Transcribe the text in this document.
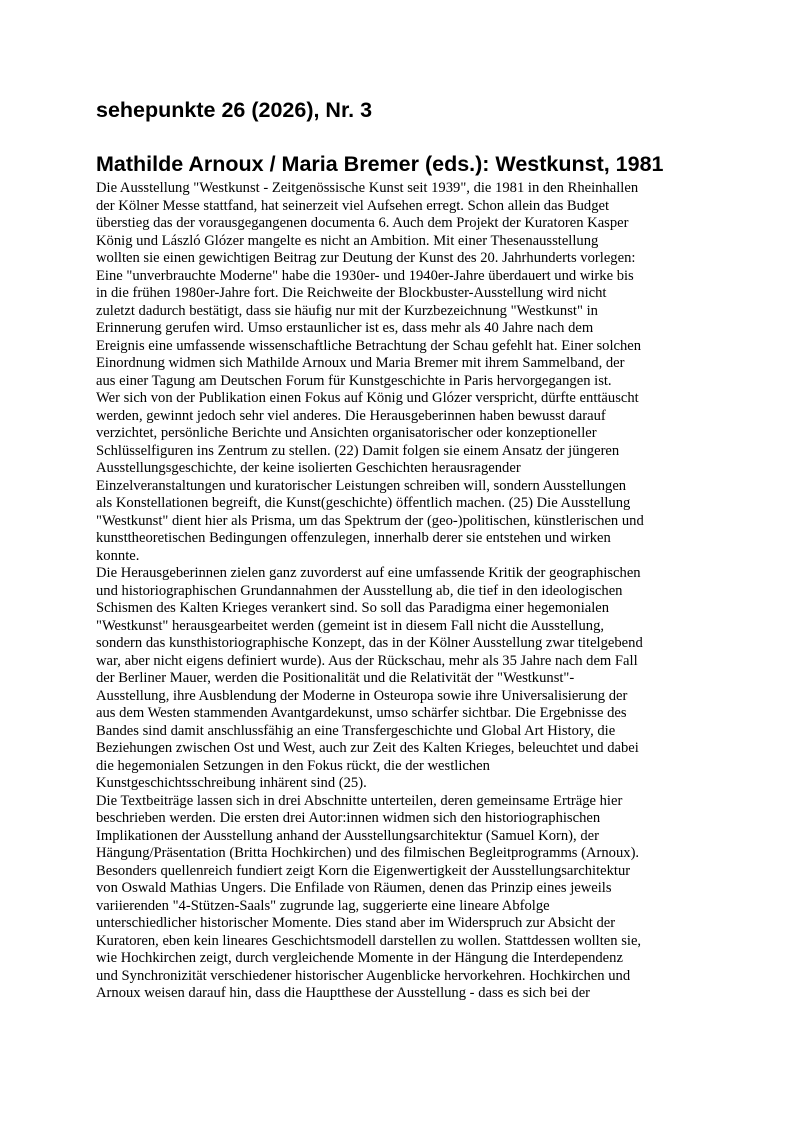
sehepunkte 26 (2026), Nr. 3
Mathilde Arnoux / Maria Bremer (eds.): Westkunst, 1981
Die Ausstellung "Westkunst - Zeitgenössische Kunst seit 1939", die 1981 in den Rheinhallen
der Kölner Messe stattfand, hat seinerzeit viel Aufsehen erregt. Schon allein das Budget
überstieg das der vorausgegangenen documenta 6. Auch dem Projekt der Kuratoren Kasper
König und László Glózer mangelte es nicht an Ambition. Mit einer Thesenausstellung
wollten sie einen gewichtigen Beitrag zur Deutung der Kunst des 20. Jahrhunderts vorlegen:
Eine "unverbrauchte Moderne" habe die 1930er- und 1940er-Jahre überdauert und wirke bis
in die frühen 1980er-Jahre fort. Die Reichweite der Blockbuster-Ausstellung wird nicht
zuletzt dadurch bestätigt, dass sie häufig nur mit der Kurzbezeichnung "Westkunst" in
Erinnerung gerufen wird. Umso erstaunlicher ist es, dass mehr als 40 Jahre nach dem
Ereignis eine umfassende wissenschaftliche Betrachtung der Schau gefehlt hat. Einer solchen
Einordnung widmen sich Mathilde Arnoux und Maria Bremer mit ihrem Sammelband, der
aus einer Tagung am Deutschen Forum für Kunstgeschichte in Paris hervorgegangen ist.
Wer sich von der Publikation einen Fokus auf König und Glózer verspricht, dürfte enttäuscht
werden, gewinnt jedoch sehr viel anderes. Die Herausgeberinnen haben bewusst darauf
verzichtet, persönliche Berichte und Ansichten organisatorischer oder konzeptioneller
Schlüsselfiguren ins Zentrum zu stellen. (22) Damit folgen sie einem Ansatz der jüngeren
Ausstellungsgeschichte, der keine isolierten Geschichten herausragender
Einzelveranstaltungen und kuratorischer Leistungen schreiben will, sondern Ausstellungen
als Konstellationen begreift, die Kunst(geschichte) öffentlich machen. (25) Die Ausstellung
"Westkunst" dient hier als Prisma, um das Spektrum der (geo-)politischen, künstlerischen und
kunsttheoretischen Bedingungen offenzulegen, innerhalb derer sie entstehen und wirken
konnte.
Die Herausgeberinnen zielen ganz zuvorderst auf eine umfassende Kritik der geographischen
und historiographischen Grundannahmen der Ausstellung ab, die tief in den ideologischen
Schismen des Kalten Krieges verankert sind. So soll das Paradigma einer hegemonialen
"Westkunst" herausgearbeitet werden (gemeint ist in diesem Fall nicht die Ausstellung,
sondern das kunsthistoriographische Konzept, das in der Kölner Ausstellung zwar titelgebend
war, aber nicht eigens definiert wurde). Aus der Rückschau, mehr als 35 Jahre nach dem Fall
der Berliner Mauer, werden die Positionalität und die Relativität der "Westkunst"-
Ausstellung, ihre Ausblendung der Moderne in Osteuropa sowie ihre Universalisierung der
aus dem Westen stammenden Avantgardekunst, umso schärfer sichtbar. Die Ergebnisse des
Bandes sind damit anschlussfähig an eine Transfergeschichte und Global Art History, die
Beziehungen zwischen Ost und West, auch zur Zeit des Kalten Krieges, beleuchtet und dabei
die hegemonialen Setzungen in den Fokus rückt, die der westlichen
Kunstgeschichtsschreibung inhärent sind (25).
Die Textbeiträge lassen sich in drei Abschnitte unterteilen, deren gemeinsame Erträge hier
beschrieben werden. Die ersten drei Autor:innen widmen sich den historiographischen
Implikationen der Ausstellung anhand der Ausstellungsarchitektur (Samuel Korn), der
Hängung/Präsentation (Britta Hochkirchen) und des filmischen Begleitprogramms (Arnoux).
Besonders quellenreich fundiert zeigt Korn die Eigenwertigkeit der Ausstellungsarchitektur
von Oswald Mathias Ungers. Die Enfilade von Räumen, denen das Prinzip eines jeweils
variierenden "4-Stützen-Saals" zugrunde lag, suggerierte eine lineare Abfolge
unterschiedlicher historischer Momente. Dies stand aber im Widerspruch zur Absicht der
Kuratoren, eben kein lineares Geschichtsmodell darstellen zu wollen. Stattdessen wollten sie,
wie Hochkirchen zeigt, durch vergleichende Momente in der Hängung die Interdependenz
und Synchronizität verschiedener historischer Augenblicke hervorkehren. Hochkirchen und
Arnoux weisen darauf hin, dass die Hauptthese der Ausstellung - dass es sich bei der
